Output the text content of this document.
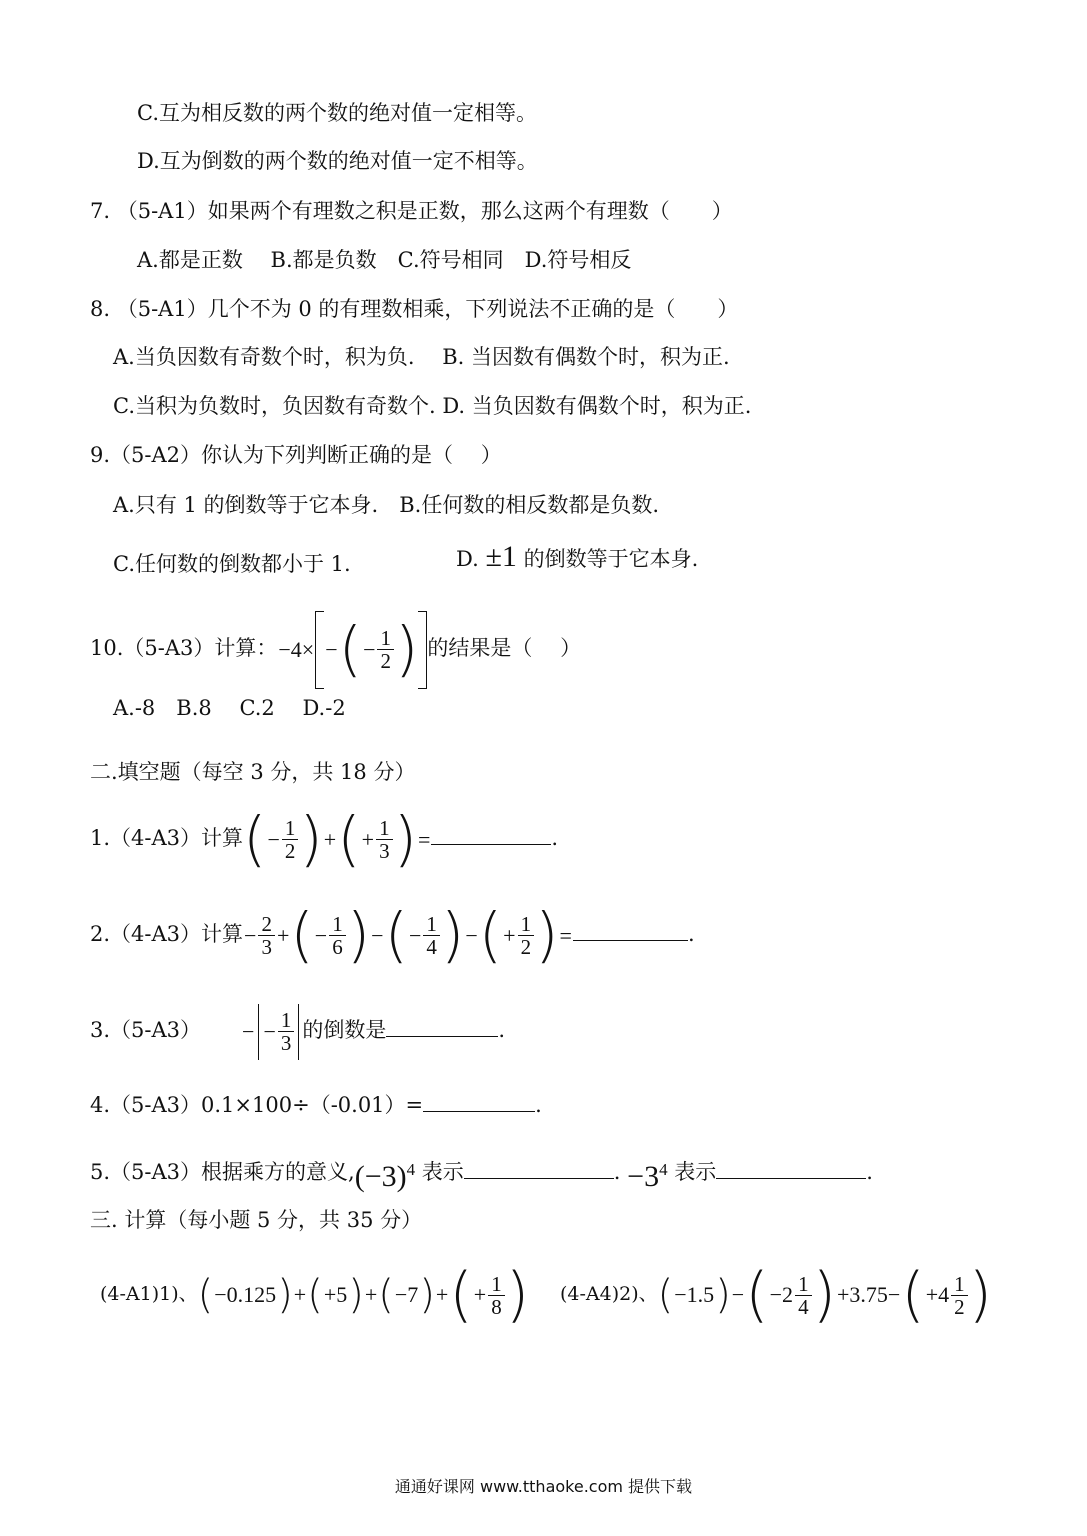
C.互为相反数的两个数的绝对值一定相等。
D.互为倒数的两个数的绝对值一定不相等。
7. （5-A1）如果两个有理数之积是正数，那么这两个有理数（　　）
A.都是正数　 B.都是负数　C.符号相同　D.符号相反
8. （5-A1）几个不为 0 的有理数相乘，下列说法不正确的是（　　）
A.当负因数有奇数个时，积为负.　 B. 当因数有偶数个时，积为正.
C.当积为负数时，负因数有奇数个. D. 当负因数有偶数个时，积为正.
9.（5-A2）你认为下列判断正确的是（　 ）
A.只有 1 的倒数等于它本身.　B.任何数的相反数都是负数.
C.任何数的倒数都小于 1.	D. ±1 的倒数等于它本身.
10.（5-A3）计算：−4× −(− $\frac{1}{2}$ ) 的结果是（　 ）
A.-8　B.8　 C.2　 D.-2
二.填空题（每空 3 分，共 18 分）
1.（4-A3）计算(− $\frac{1}{2}$ )+(+ $\frac{1}{3}$ )=	.
2.（4-A3）计算− $\frac{2}{3}$ +(− $\frac{1}{6}$ )−(− $\frac{1}{4}$ )−(+ $\frac{1}{2}$ )=	.
3.（5-A3） − − $\frac{1}{3}$ 的倒数是	.
4.（5-A3）0.1×100÷（-0.01）=	.
5.（5-A3）根据乘方的意义$,(-3)^4$ 表示	. $-3^4$ 表示	.
三. 计算（每小题 5 分，共 35 分）
(4-A1)1)、$(-0.125)+(+5)+(-7)+(+ \frac{1}{8}$ ) (4-A4)2)、$(-1.5)-(-2 \frac{1}{4} )+3.75-(+4 \frac{1}{2}$ )
通通好课网 www.tthaoke.com 提供下载
